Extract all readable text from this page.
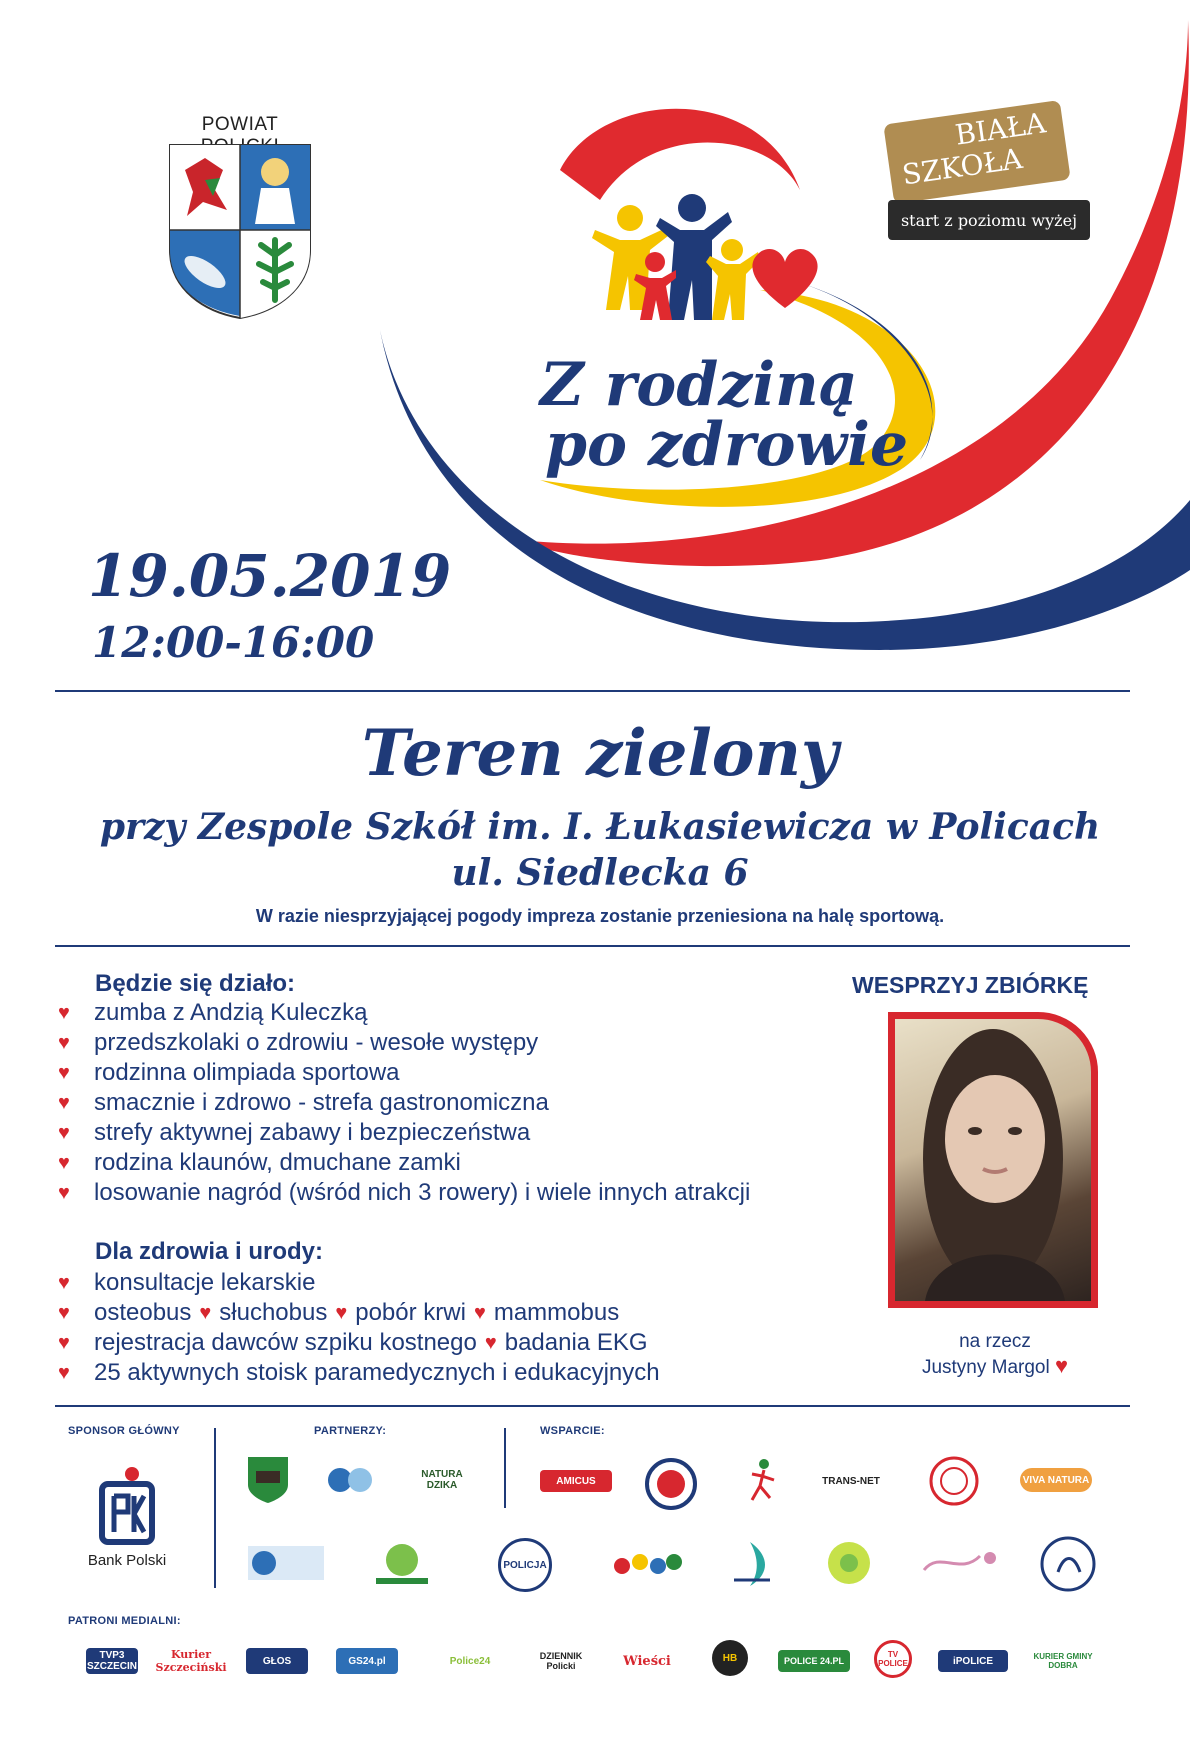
POWIAT
Z rodziną
po zdrowie
BIAŁA
SZKOŁA
start z poziomu wyżej
19.05.2019
12:00-16:00
Teren zielony
przy Zespole Szkół im. I. Łukasiewicza w Policach
ul. Siedlecka 6
W razie niesprzyjającej pogody impreza zostanie przeniesiona na halę sportową.
Będzie się działo:
♥	zumba z Andzią Kuleczką
♥	przedszkolaki o zdrowiu - wesołe występy
♥	rodzinna olimpiada sportowa
♥	smacznie i zdrowo - strefa gastronomiczna
♥	strefy aktywnej zabawy i bezpieczeństwa
♥	rodzina klaunów, dmuchane zamki
♥	losowanie nagród (wśród nich 3 rowery) i wiele innych atrakcji
Dla zdrowia i urody:
♥	konsultacje lekarskie
♥	osteobus ♥ słuchobus ♥ pobór krwi ♥ mammobus
♥	rejestracja dawców szpiku kostnego ♥ badania EKG
♥	25 aktywnych stoisk paramedycznych i edukacyjnych
WESPRZYJ ZBIÓRKĘ
na rzecz
Justyny Margol ♥
SPONSOR GŁÓWNY
Bank Polski
PARTNERZY:
NATURA DZIKA
WSPARCIE:
AMICUS	TRANS-NET	VIVA NATURA
POLICJA
PATRONI MEDIALNI:
TVP3 SZCZECIN
Kurier Szczeciński	GŁOS	GS24.pl	Police24	DZIENNIK Policki	Wieści	HB	POLICE 24.PL
TV POLICE	iPOLICE	KURIER GMINY DOBRA
